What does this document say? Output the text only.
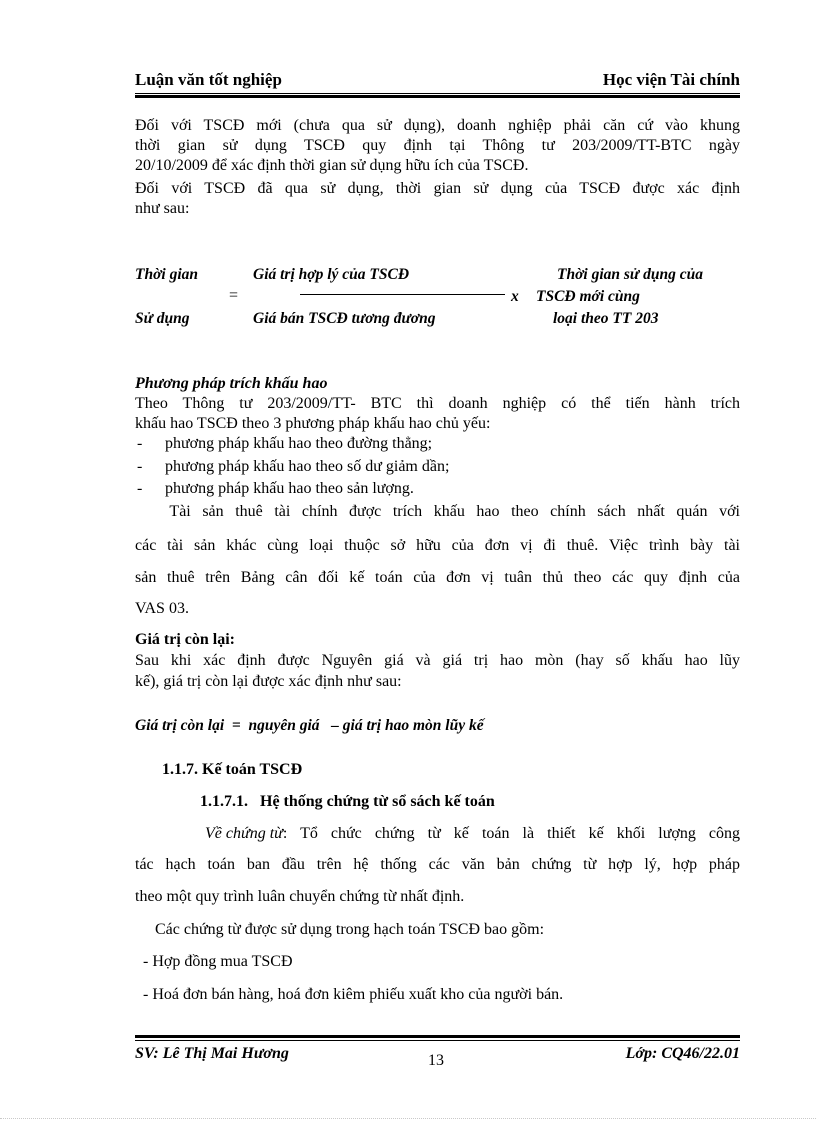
Luận văn tốt nghiệp	Học viện Tài chính
Đối với TSCĐ mới (chưa qua sử dụng), doanh nghiệp phải căn cứ vào khung
thời gian sử dụng TSCĐ quy định tại Thông tư 203/2009/TT-BTC ngày
20/10/2009 để xác định thời gian sử dụng hữu ích của TSCĐ.
Đối với TSCĐ đã qua sử dụng, thời gian sử dụng của TSCĐ được xác định
như sau:
Thời gian
Sử dụng
=
Giá trị hợp lý của TSCĐ
Giá bán TSCĐ tương đương
x
Thời gian sử dụng của
TSCĐ mới cùng
loại theo TT 203
Phương pháp trích khấu hao
Theo Thông tư 203/2009/TT- BTC thì doanh nghiệp có thể tiến hành trích
khấu hao TSCĐ theo 3 phương pháp khấu hao chủ yếu:
- phương pháp khấu hao theo đường thẳng;
- phương pháp khấu hao theo số dư giảm dần;
- phương pháp khấu hao theo sản lượng.
Tài sản thuê tài chính được trích khấu hao theo chính sách nhất quán với
các tài sản khác cùng loại thuộc sở hữu của đơn vị đi thuê. Việc trình bày tài
sản thuê trên Bảng cân đối kế toán của đơn vị tuân thủ theo các quy định của
VAS 03.
Giá trị còn lại:
Sau khi xác định được Nguyên giá và giá trị hao mòn (hay số khấu hao lũy
kế), giá trị còn lại được xác định như sau:
Giá trị còn lại  =  nguyên giá   – giá trị hao mòn lũy kế
1.1.7. Kế toán TSCĐ
1.1.7.1.   Hệ thống chứng từ sổ sách kế toán
Về chứng từ : Tổ chức chứng từ kế toán là thiết kế khối lượng công
tác hạch toán ban đầu trên hệ thống các văn bản chứng từ hợp lý, hợp pháp
theo một quy trình luân chuyển chứng từ nhất định.
Các chứng từ được sử dụng trong hạch toán TSCĐ bao gồm:
- Hợp đồng mua TSCĐ
- Hoá đơn bán hàng, hoá đơn kiêm phiếu xuất kho của người bán.
SV: Lê Thị Mai Hương	13	Lớp: CQ46/22.01
